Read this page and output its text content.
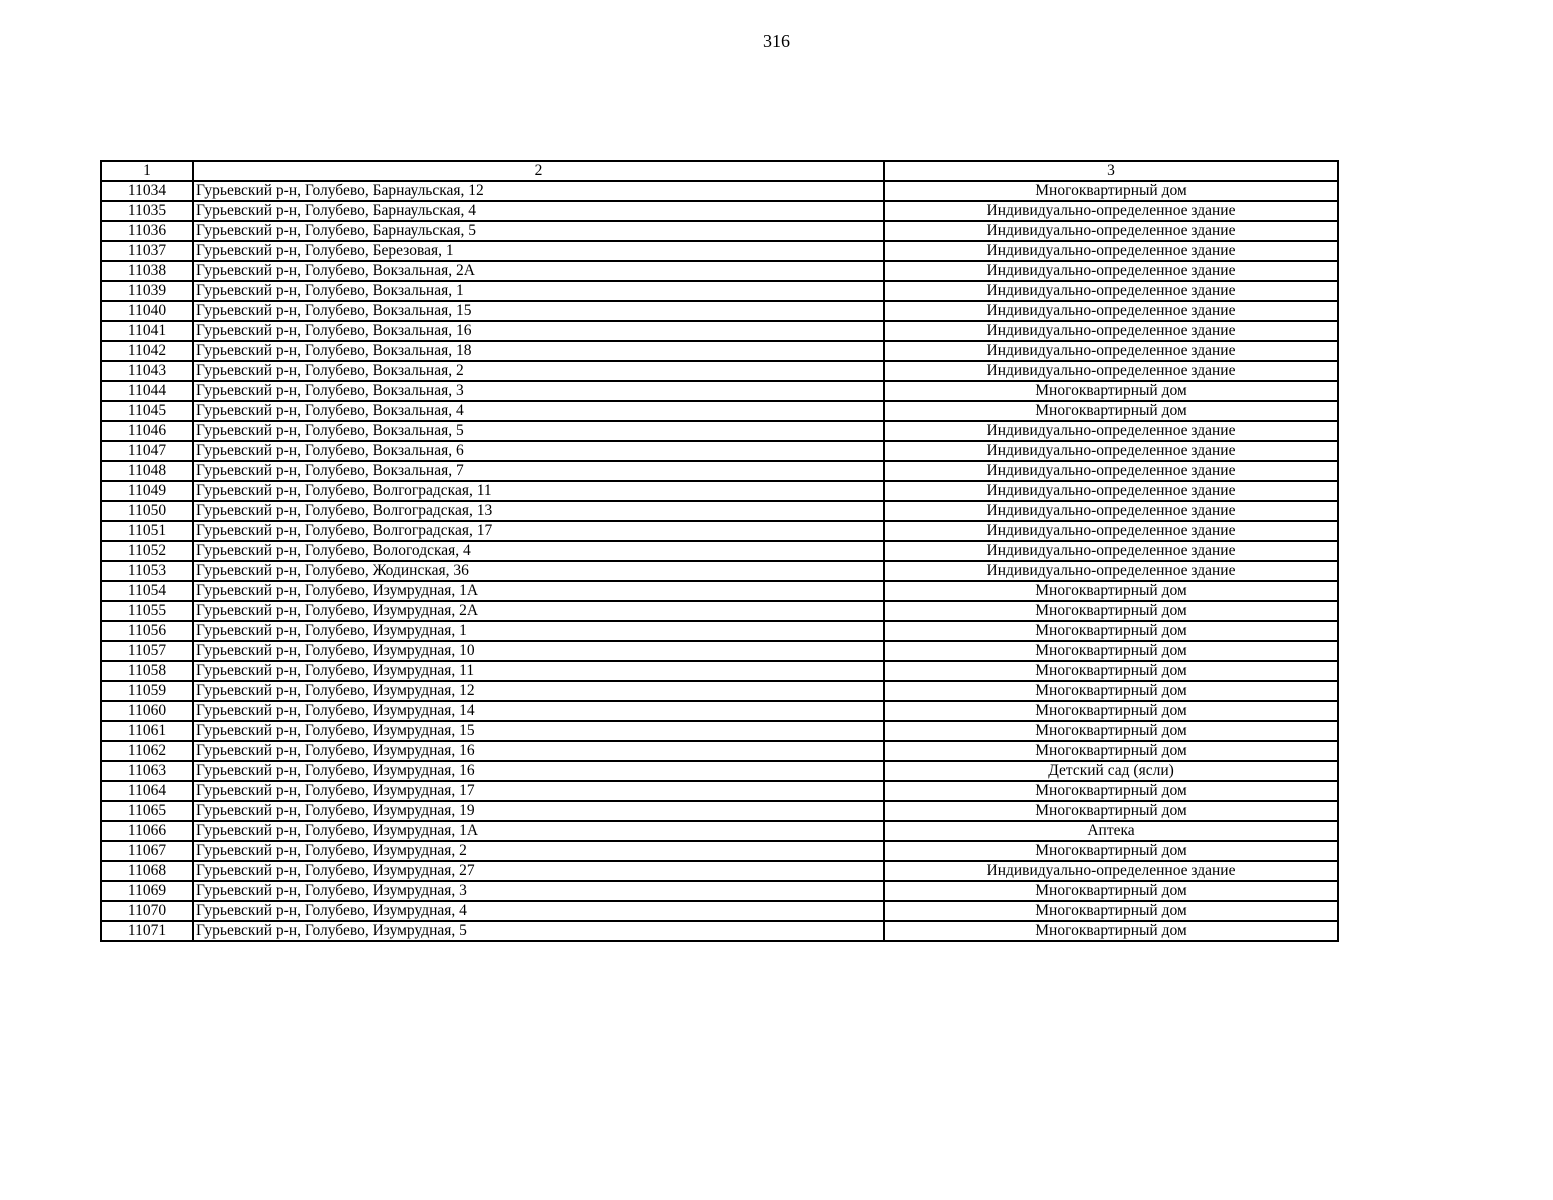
316
1	2	3
11034	Гурьевский р-н, Голубево, Барнаульская, 12	Многоквартирный дом
11035	Гурьевский р-н, Голубево, Барнаульская, 4	Индивидуально-определенное здание
11036	Гурьевский р-н, Голубево, Барнаульская, 5	Индивидуально-определенное здание
11037	Гурьевский р-н, Голубево, Березовая, 1	Индивидуально-определенное здание
11038	Гурьевский р-н, Голубево, Вокзальная, 2А	Индивидуально-определенное здание
11039	Гурьевский р-н, Голубево, Вокзальная, 1	Индивидуально-определенное здание
11040	Гурьевский р-н, Голубево, Вокзальная, 15	Индивидуально-определенное здание
11041	Гурьевский р-н, Голубево, Вокзальная, 16	Индивидуально-определенное здание
11042	Гурьевский р-н, Голубево, Вокзальная, 18	Индивидуально-определенное здание
11043	Гурьевский р-н, Голубево, Вокзальная, 2	Индивидуально-определенное здание
11044	Гурьевский р-н, Голубево, Вокзальная, 3	Многоквартирный дом
11045	Гурьевский р-н, Голубево, Вокзальная, 4	Многоквартирный дом
11046	Гурьевский р-н, Голубево, Вокзальная, 5	Индивидуально-определенное здание
11047	Гурьевский р-н, Голубево, Вокзальная, 6	Индивидуально-определенное здание
11048	Гурьевский р-н, Голубево, Вокзальная, 7	Индивидуально-определенное здание
11049	Гурьевский р-н, Голубево, Волгоградская, 11	Индивидуально-определенное здание
11050	Гурьевский р-н, Голубево, Волгоградская, 13	Индивидуально-определенное здание
11051	Гурьевский р-н, Голубево, Волгоградская, 17	Индивидуально-определенное здание
11052	Гурьевский р-н, Голубево, Вологодская, 4	Индивидуально-определенное здание
11053	Гурьевский р-н, Голубево, Жодинская, 36	Индивидуально-определенное здание
11054	Гурьевский р-н, Голубево, Изумрудная, 1А	Многоквартирный дом
11055	Гурьевский р-н, Голубево, Изумрудная, 2А	Многоквартирный дом
11056	Гурьевский р-н, Голубево, Изумрудная, 1	Многоквартирный дом
11057	Гурьевский р-н, Голубево, Изумрудная, 10	Многоквартирный дом
11058	Гурьевский р-н, Голубево, Изумрудная, 11	Многоквартирный дом
11059	Гурьевский р-н, Голубево, Изумрудная, 12	Многоквартирный дом
11060	Гурьевский р-н, Голубево, Изумрудная, 14	Многоквартирный дом
11061	Гурьевский р-н, Голубево, Изумрудная, 15	Многоквартирный дом
11062	Гурьевский р-н, Голубево, Изумрудная, 16	Многоквартирный дом
11063	Гурьевский р-н, Голубево, Изумрудная, 16	Детский сад (ясли)
11064	Гурьевский р-н, Голубево, Изумрудная, 17	Многоквартирный дом
11065	Гурьевский р-н, Голубево, Изумрудная, 19	Многоквартирный дом
11066	Гурьевский р-н, Голубево, Изумрудная, 1А	Аптека
11067	Гурьевский р-н, Голубево, Изумрудная, 2	Многоквартирный дом
11068	Гурьевский р-н, Голубево, Изумрудная, 27	Индивидуально-определенное здание
11069	Гурьевский р-н, Голубево, Изумрудная, 3	Многоквартирный дом
11070	Гурьевский р-н, Голубево, Изумрудная, 4	Многоквартирный дом
11071	Гурьевский р-н, Голубево, Изумрудная, 5	Многоквартирный дом
